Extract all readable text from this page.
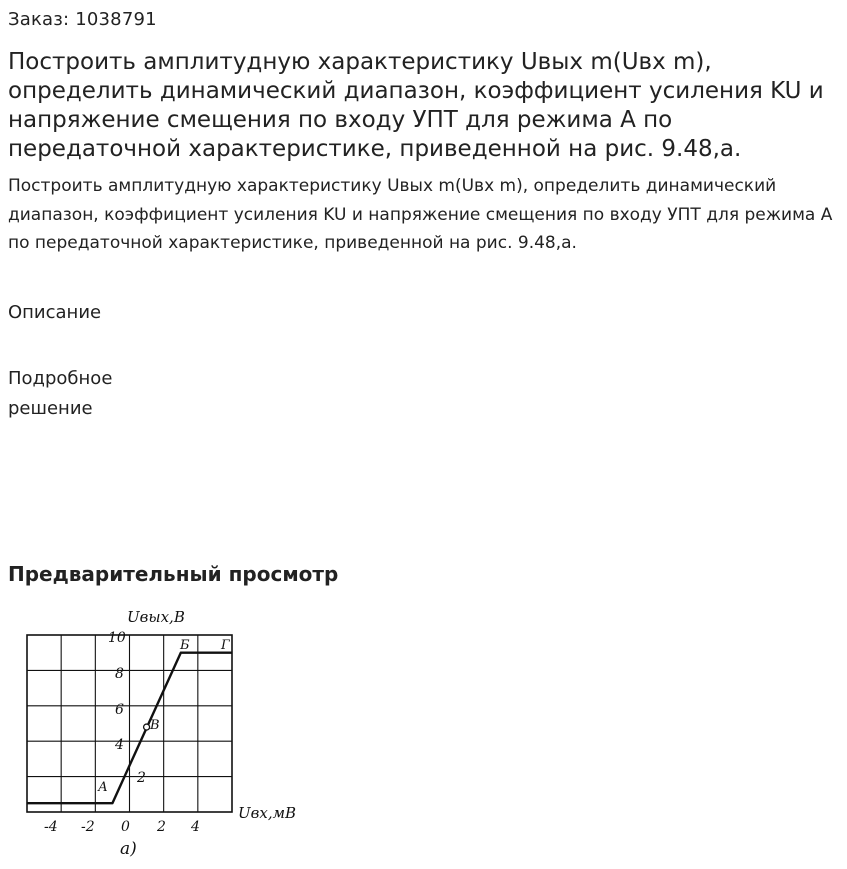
Заказ: 1038791
Построить амплитудную характеристику Uвых m(Uвх m), определить динамический диапазон, коэффициент усиления KU и напряжение смещения по входу УПТ для режима А по передаточной характеристике, приведенной на рис. 9.48,а.

Построить амплитудную характеристику Uвых m(Uвх m), определить динамический диапазон, коэффициент усиления KU и напряжение смещения по входу УПТ для режима А по передаточной характеристике, приведенной на рис. 9.48,а.

Описание
Подробное решение
Предварительный просмотр
10
8
6
4
2
-4 -2 0 2 4
Uвых,В
Uвх,мВ
а)
А
В
Б Г
